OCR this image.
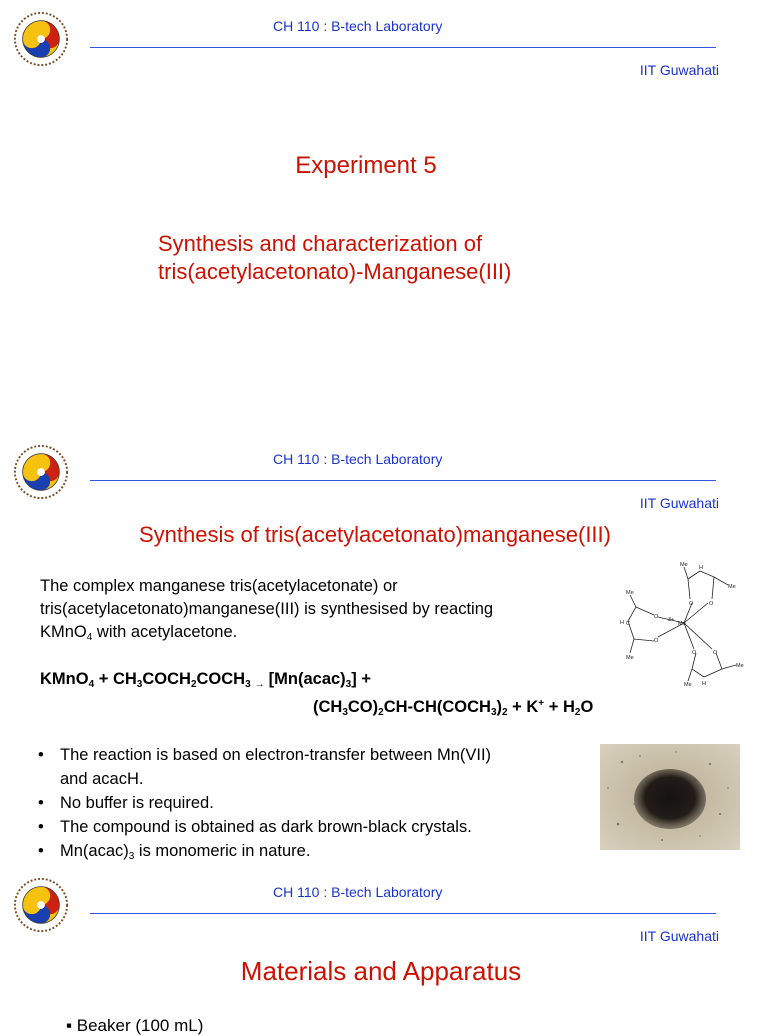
CH 110 : B-tech Laboratory
IIT Guwahati
Experiment 5
Synthesis and characterization of
tris(acetylacetonato)-Manganese(III)
CH 110 : B-tech Laboratory
IIT Guwahati
Synthesis of tris(acetylacetonato)manganese(III)
The complex manganese tris(acetylacetonate) or
tris(acetylacetonato)manganese(III) is synthesised by reacting
KMnO$_4$ with acetylacetone.	Mn
3+
O	O
O
O
O	O
Me
Me
Me
Me
Me
Me
H
H
H
C
KMnO$_4$ + $CH_3COCH_2COCH_3$ → $[Mn(acac)_3]$ +
$(CH_3CO)_2CH-CH(COCH_3)_2 + K^+ + H_2O$
• The reaction is based on electron-transfer between Mn(VII)
and acacH.
• No buffer is required.
• The compound is obtained as dark brown-black crystals.
• $Mn(acac)_3$ is monomeric in nature.
CH 110 : B-tech Laboratory
IIT Guwahati
Materials and Apparatus
▪ Beaker (100 mL)
